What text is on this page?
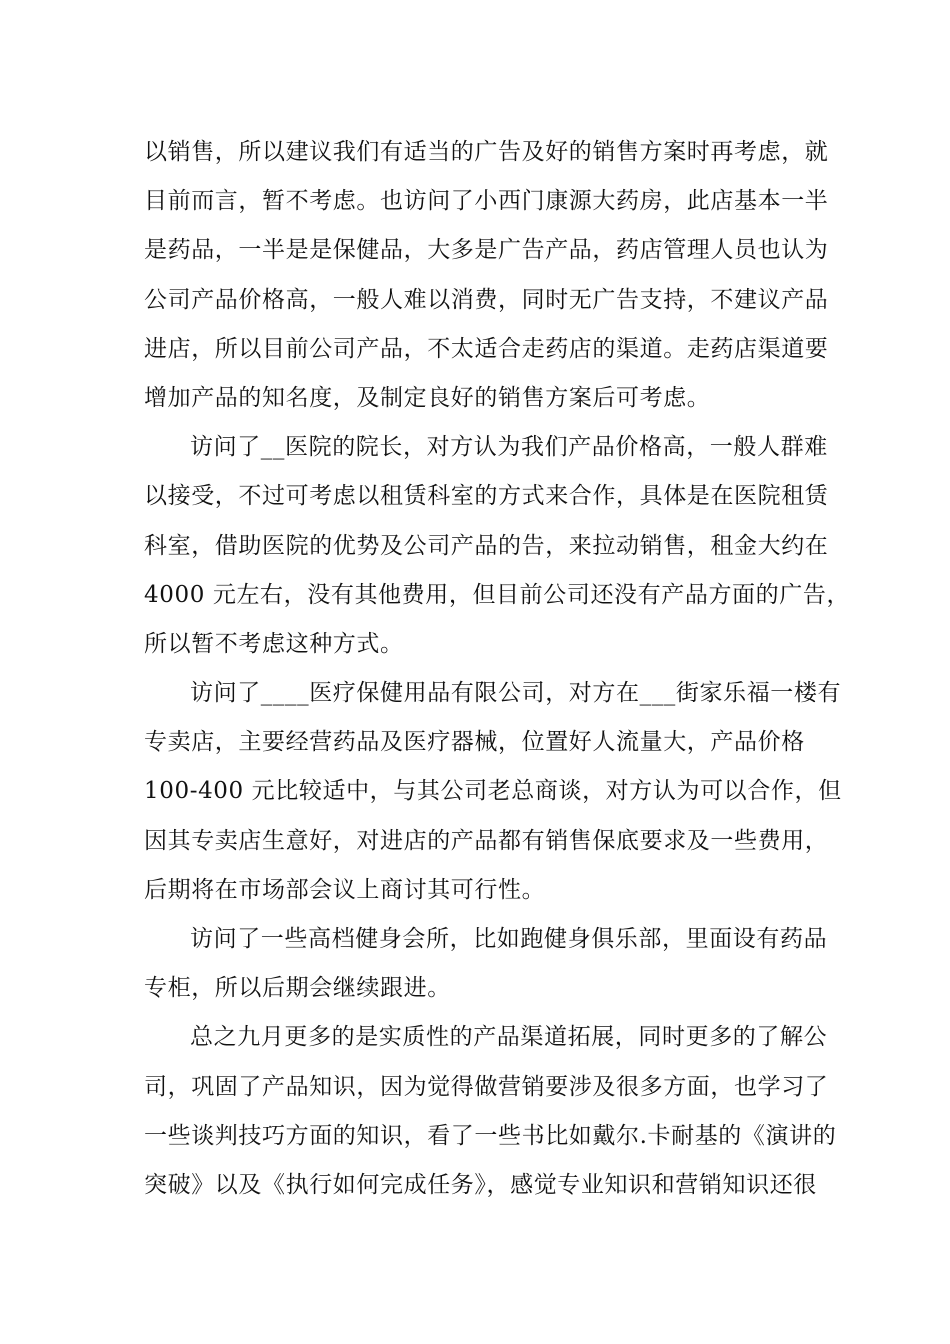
以销售，所以建议我们有适当的广告及好的销售方案时再考虑，就
目前而言，暂不考虑。也访问了小西门康源大药房，此店基本一半
是药品，一半是是保健品，大多是广告产品，药店管理人员也认为
公司产品价格高，一般人难以消费，同时无广告支持，不建议产品
进店，所以目前公司产品，不太适合走药店的渠道。走药店渠道要
增加产品的知名度，及制定良好的销售方案后可考虑。
访问了__医院的院长，对方认为我们产品价格高，一般人群难
以接受，不过可考虑以租赁科室的方式来合作，具体是在医院租赁
科室，借助医院的优势及公司产品的告，来拉动销售，租金大约在
4000 元左右，没有其他费用，但目前公司还没有产品方面的广告，
所以暂不考虑这种方式。
访问了____医疗保健用品有限公司，对方在___街家乐福一楼有
专卖店，主要经营药品及医疗器械，位置好人流量大，产品价格
100-400 元比较适中，与其公司老总商谈，对方认为可以合作，但
因其专卖店生意好，对进店的产品都有销售保底要求及一些费用，
后期将在市场部会议上商讨其可行性。
访问了一些高档健身会所，比如跑健身俱乐部，里面设有药品
专柜，所以后期会继续跟进。
总之九月更多的是实质性的产品渠道拓展，同时更多的了解公
司，巩固了产品知识，因为觉得做营销要涉及很多方面，也学习了
一些谈判技巧方面的知识，看了一些书比如戴尔.卡耐基的《演讲的
突破》以及《执行如何完成任务》，感觉专业知识和营销知识还很
